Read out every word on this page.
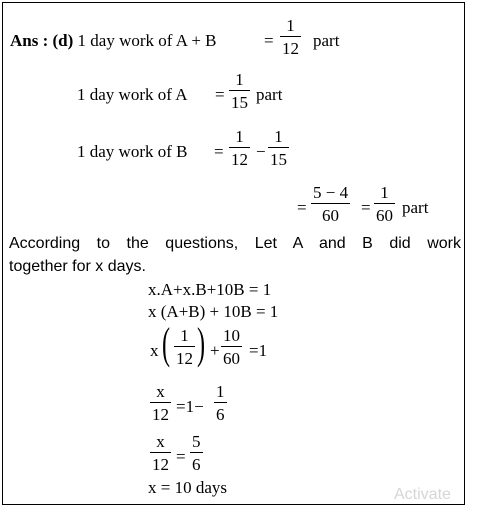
Ans : (d) 1 day work of A + B	=
1
12 part
1 day work of A =
1
15 part
1 day work of B =
1
12 −
1
15
=
5 − 4
60 =
1
60 part
According to the questions, Let A and B did work
together for x days.
x.A+x.B+10B = 1
x (A+B) + 10B = 1
x ( 1
12 ) +
10
60 =1
x
12 =1−
1
6
x
12 =
5
6
x = 10 days	Activate
